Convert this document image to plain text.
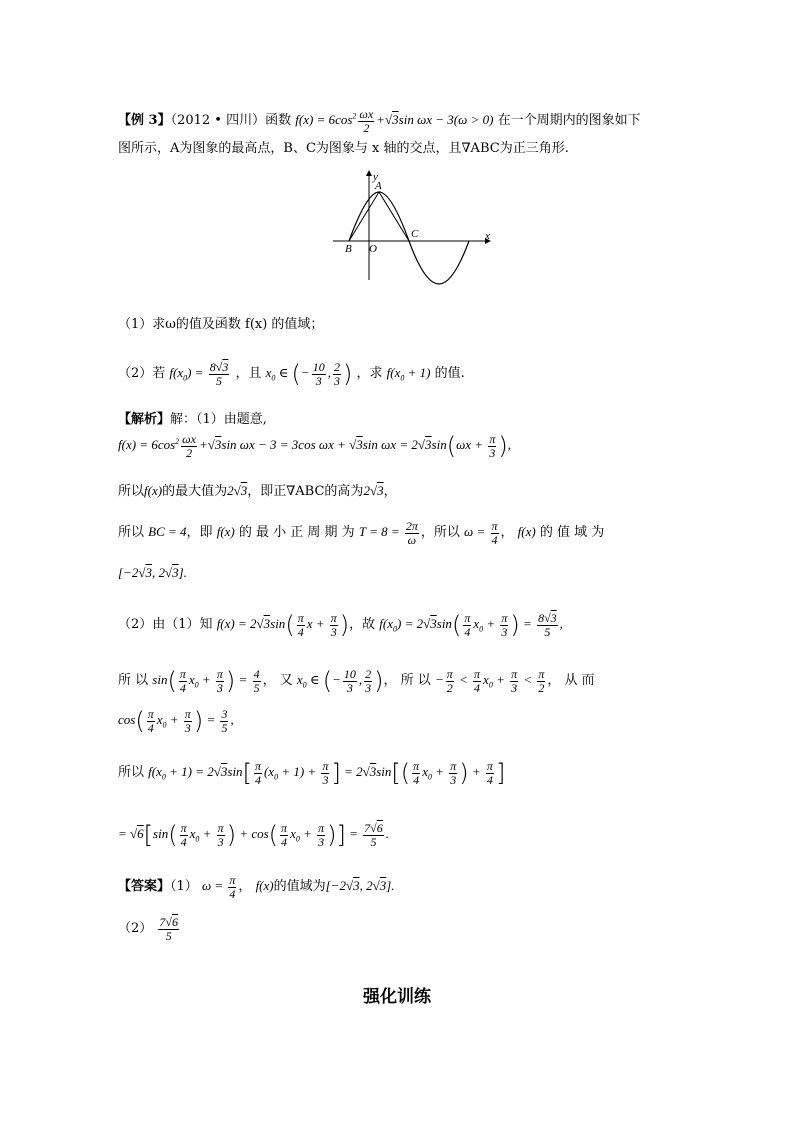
【例 3】（2012 • 四川）函数 $f(x) = 6\cos^2 \frac{\omega x}{2} +√3\sin$ ωx − 3(ω > 0) 在一个周期内的图象如下
图所示，A为图象的最高点，B、C为图象与 x 轴的交点，且∇ABC为正三角形.
y
A
B O
C	x
（1）求ω的值及函数 f(x) 的值域；
（2）若 $f(x_0) = \frac{8√3}{5}$ ，且 $x_0$ ∈ (− $\frac{10}{3}$ , $\frac{2}{3}$ ) ，求 $f(x_0 + 1)$ 的值.
【解析】解：（1）由题意,
$f(x) = 6\cos^2 \frac{\omega x}{2} +√3\sin$ ωx − 3 = 3cos ωx + √3sin $\omega x = 2√3\sin(\omega x + \frac{\pi}{3}$ ),
所以f(x)的最大值为2√3，即正∇ABC的高为2√3，
所以 BC = 4，即 f(x) 的 最 小 正 周 期 为 $T = 8 = \frac{2\pi}{\omega}$ ，所以 $\omega = \frac{\pi}{4}$ ， f(x) 的 值 域 为
[−2√3, 2√3].
（2）由（1）知 $f(x) = 2√3\sin( \frac{\pi}{4}$ $x + \frac{\pi}{3}$ )，故 $f(x_0) = 2√3\sin( \frac{\pi}{4} x_0 + \frac{\pi}{3}$ ) = $\frac{8√3}{5}$ ,
所 以 $\sin( \frac{\pi}{4} x_0 + \frac{\pi}{3}$ ) = $\frac{4}{5}$ ， 又 $x_0$ ∈ (− $\frac{10}{3}$ , $\frac{2}{3}$ )， 所 以 − $\frac{\pi}{2} < \frac{\pi}{4} x_0 + \frac{\pi}{3} < \frac{\pi}{2}$ ， 从 而
$\cos( \frac{\pi}{4} x_0 + \frac{\pi}{3}$ ) = $\frac{3}{5}$ ,
所以 $f(x_0 + 1) = 2√3\sin[ \frac{\pi}{4} (x_0 + 1) + \frac{\pi}{3}$ ] = $2√3\sin[( \frac{\pi}{4} x_0 + \frac{\pi}{3}$ ) + $\frac{\pi}{4}$ ]
= $√6[\sin( \frac{\pi}{4} x_0 + \frac{\pi}{3}$ ) + $\cos( \frac{\pi}{4} x_0 + \frac{\pi}{3}$ )] = $\frac{7√6}{5}$ .
【答案】（1） $\omega = \frac{\pi}{4}$ ， f(x)的值域为[−2√3, 2√3].
$(2) \frac{7√6}{5}$
强化训练
